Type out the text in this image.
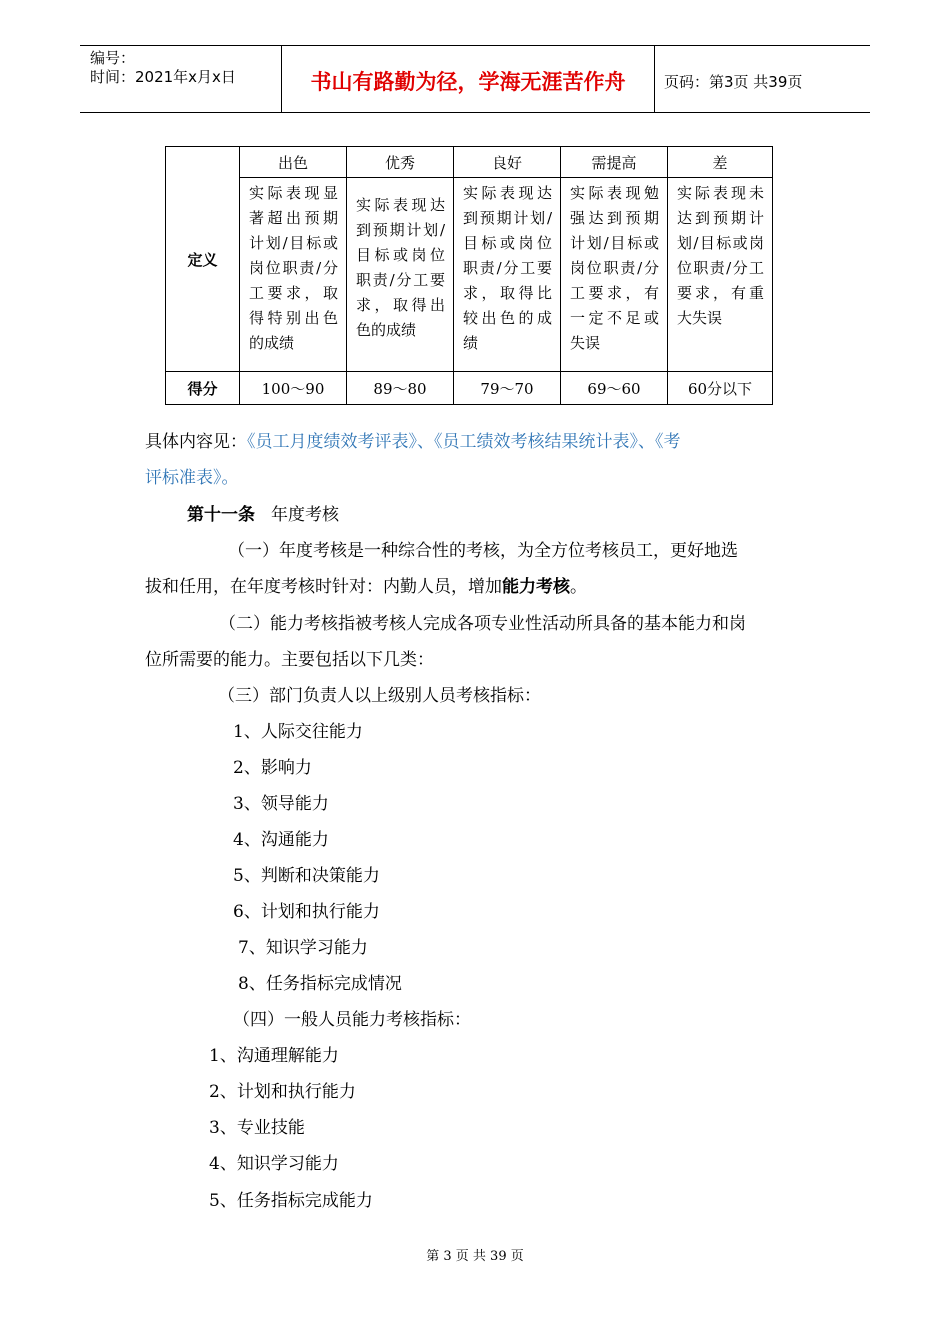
编号：
时间：2021年x月x日	书山有路勤为径，学海无涯苦作舟	页码：第3页 共39页
定义	出色	优秀	良好	需提高	差
	实际表现显著超出预期计划/目标或岗位职责/分工要求，取得特别出色的成绩	实际表现达到预期计划/目标或岗位职责/分工要求，取得出色的成绩	实际表现达到预期计划/目标或岗位职责/分工要求，取得比较出色的成绩	实际表现勉强达到预期计划/目标或岗位职责/分工要求，有一定不足或失误	实际表现未达到预期计划/目标或岗位职责/分工要求，有重大失误
得分	100～90	89～80	79～70	69～60	60分以下
具体内容见：《员工月度绩效考评表》、《员工绩效考核结果统计表》、《考
评标准表》。
第十一条 年度考核
（一）年度考核是一种综合性的考核，为全方位考核员工，更好地选
拔和任用，在年度考核时针对：内勤人员，增加能力考核。
（二）能力考核指被考核人完成各项专业性活动所具备的基本能力和岗
位所需要的能力。主要包括以下几类：
（三）部门负责人以上级别人员考核指标：
1、人际交往能力
2、影响力
3、领导能力
4、沟通能力
5、判断和决策能力
6、计划和执行能力
7、知识学习能力
8、任务指标完成情况
（四）一般人员能力考核指标：
1、沟通理解能力
2、计划和执行能力
3、专业技能
4、知识学习能力
5、任务指标完成能力
第 3 页 共 39 页
